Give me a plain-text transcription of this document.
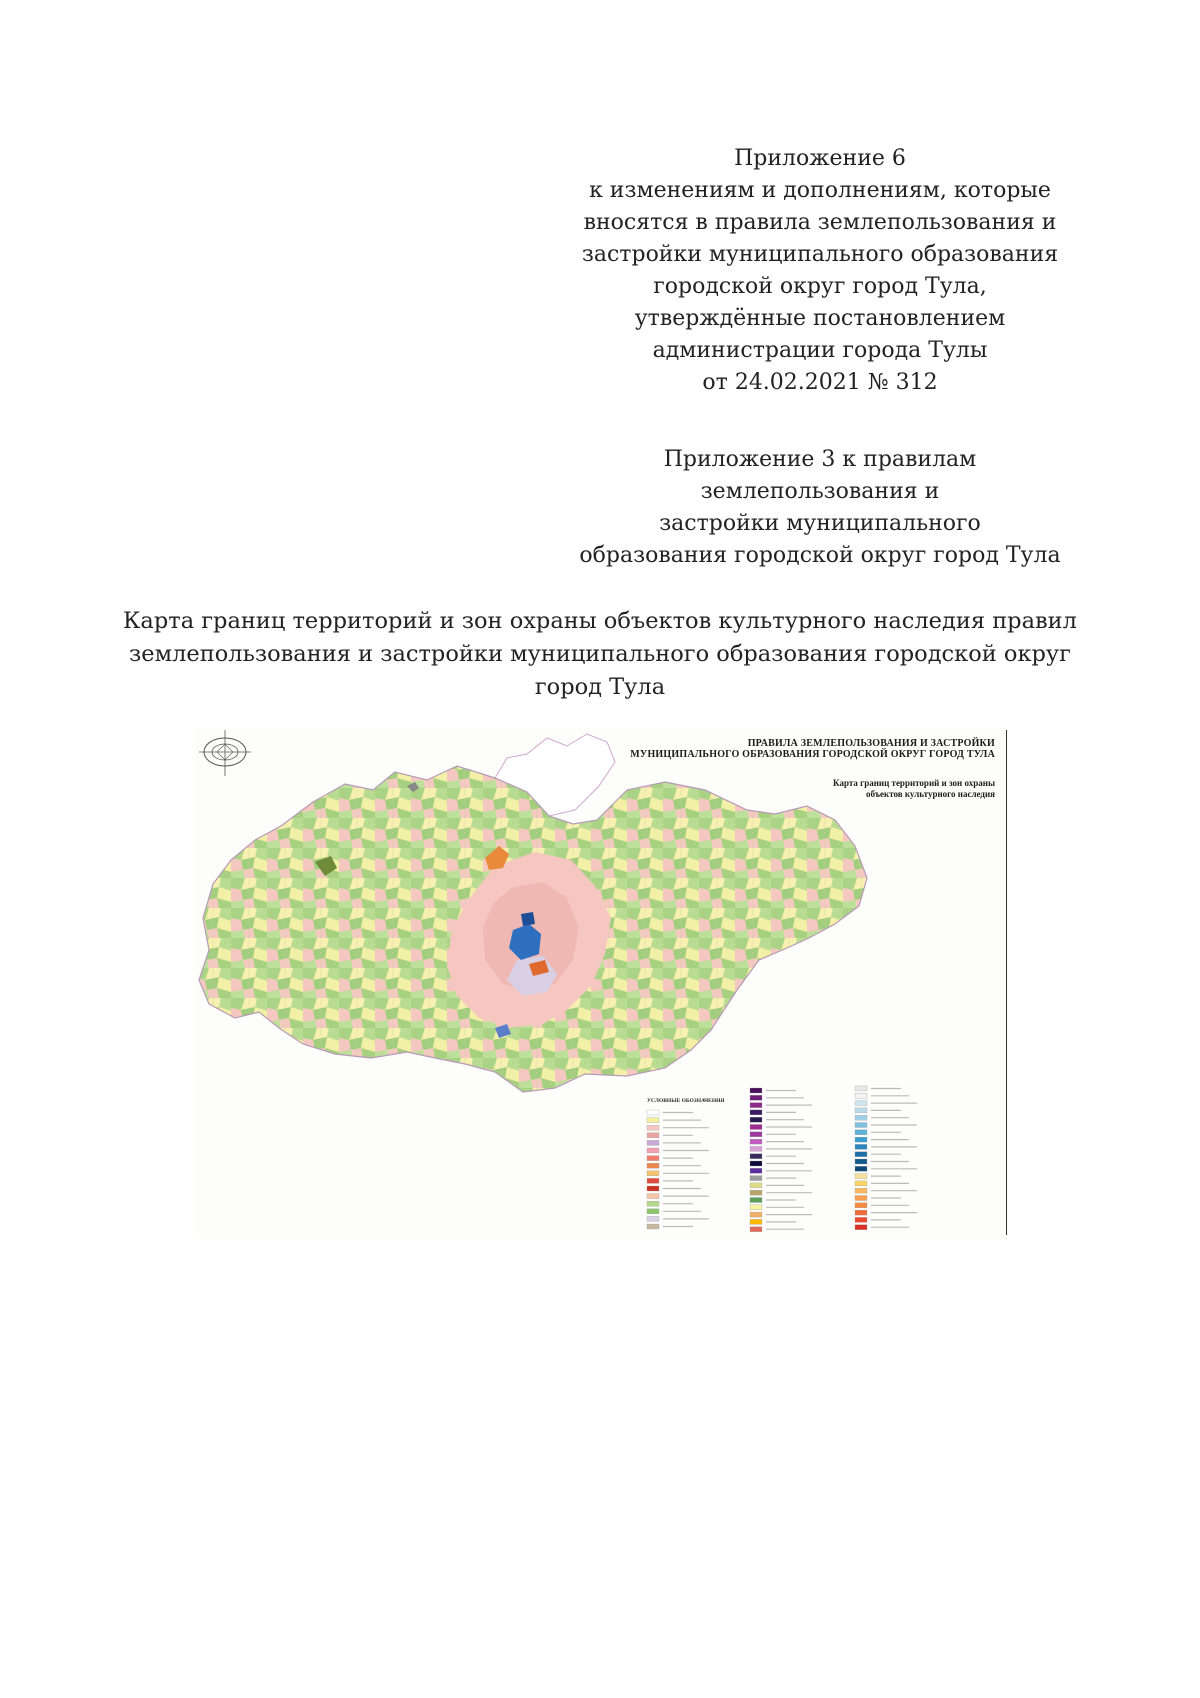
Приложение 6
к изменениям и дополнениям, которые
вносятся в правила землепользования и
застройки муниципального образования
городской округ город Тула,
утверждённые постановлением
администрации города Тулы
от 24.02.2021 № 312
Приложение 3 к правилам
землепользования и
застройки муниципального
образования городской округ город Тула
Карта границ территорий и зон охраны объектов культурного наследия правил
землепользования и застройки муниципального образования городской округ
город Тула
ПРАВИЛА ЗЕМЛЕПОЛЬЗОВАНИЯ И ЗАСТРОЙКИ
МУНИЦИПАЛЬНОГО ОБРАЗОВАНИЯ ГОРОДСКОЙ ОКРУГ ГОРОД ТУЛА
Карта границ территорий и зон охраны
объектов культурного наследия
УСЛОВНЫЕ ОБОЗНАЧЕНИЯ
